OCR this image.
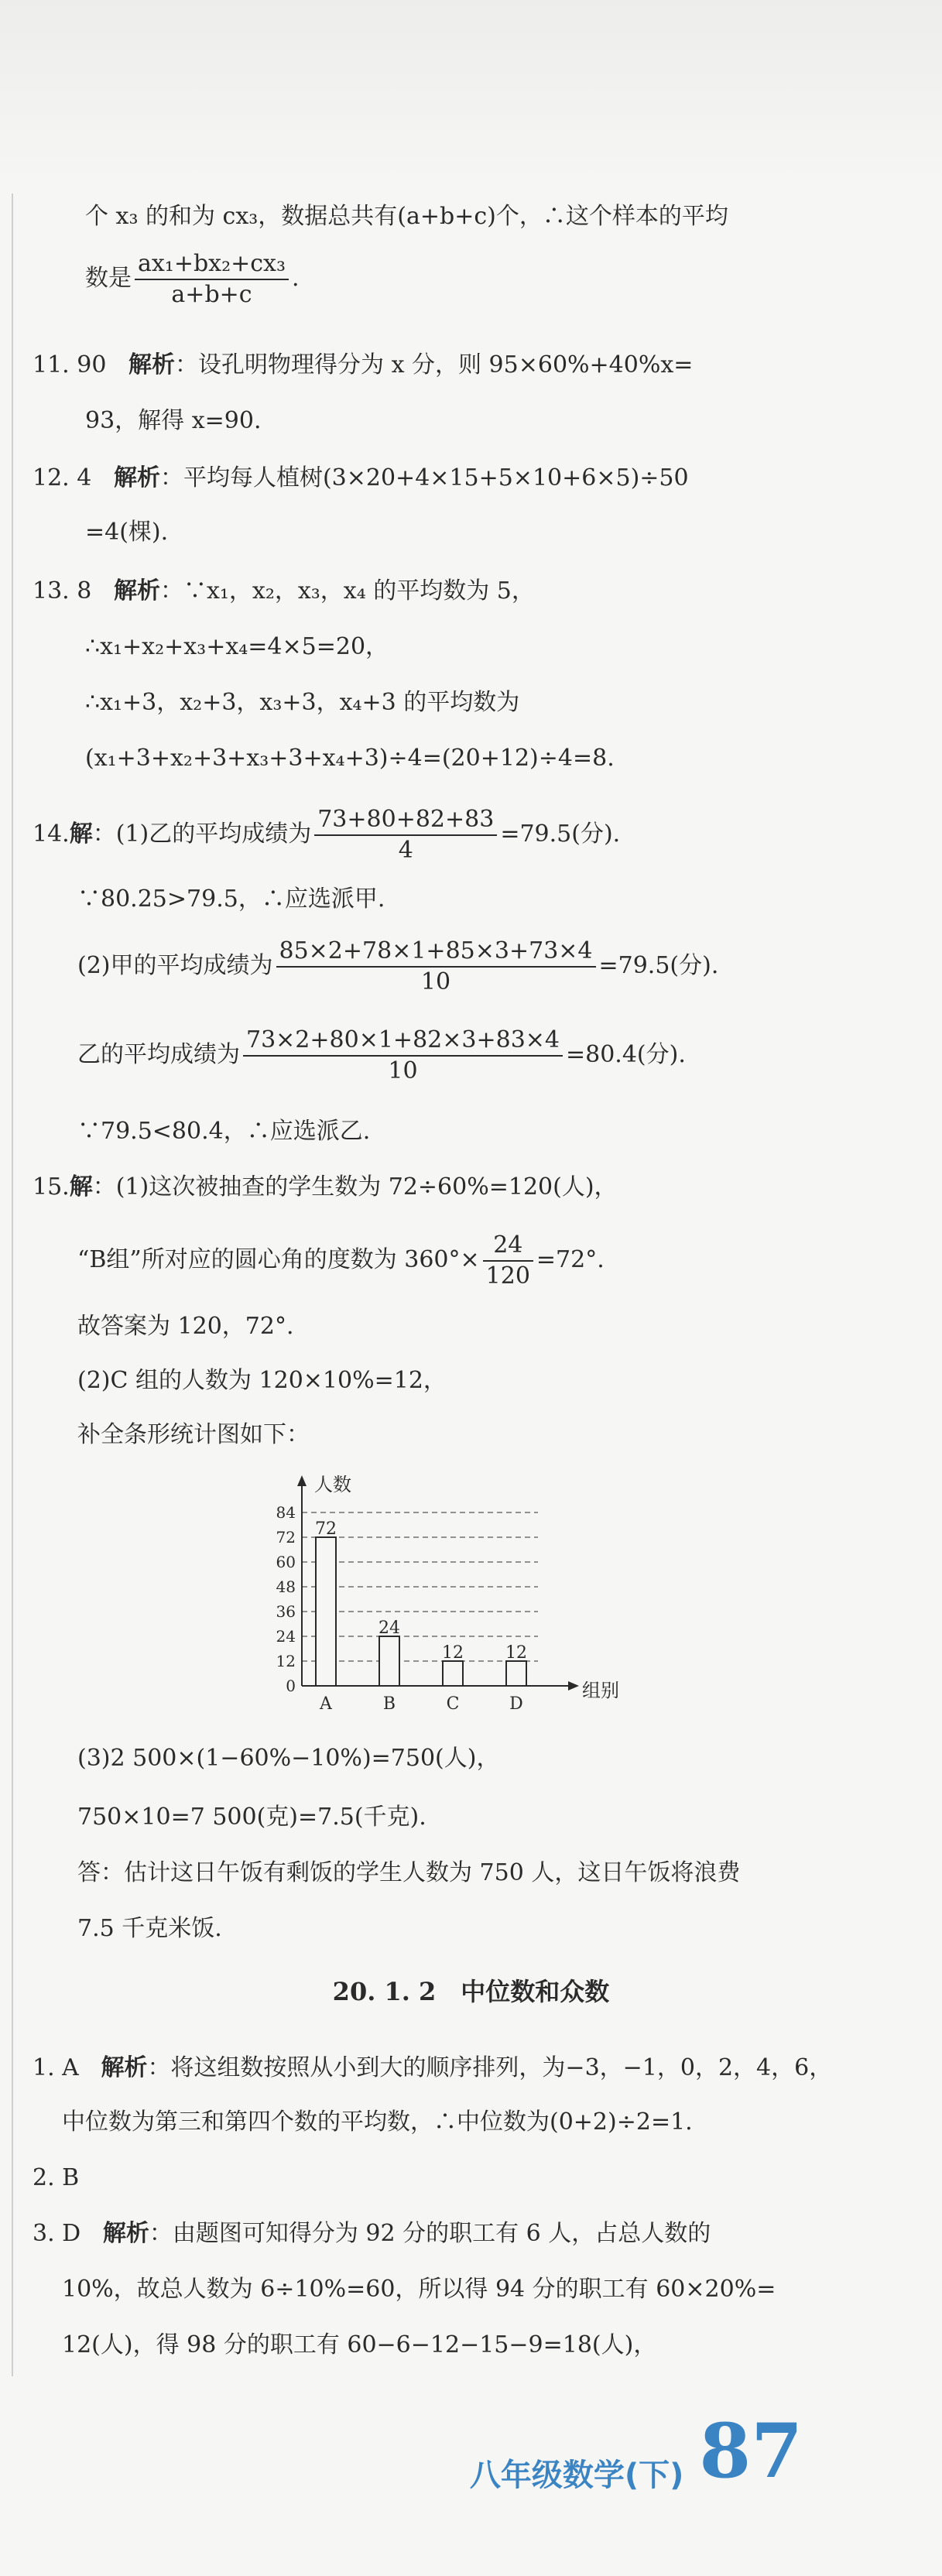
个 x₃ 的和为 cx₃，数据总共有(a+b+c)个，∴这个样本的平均
数是 $\frac{\text{ax₁+bx₂+cx₃}}{a+b+c}$ .
11. 90 解析：设孔明物理得分为 x 分，则 95×60%+40%x=
93，解得 x=90.
12. 4 解析：平均每人植树(3×20+4×15+5×10+6×5)÷50
=4(棵).
13. 8 解析：∵x₁，x₂，x₃，x₄ 的平均数为 5，
∴x₁+x₂+x₃+x₄=4×5=20，
∴x₁+3，x₂+3，x₃+3，x₄+3 的平均数为
(x₁+3+x₂+3+x₃+3+x₄+3)÷4=(20+12)÷4=8.
14.解：(1)乙的平均成绩为 $\frac{73+80+82+83}{4} =79.5$(分).
∵80.25>79.5，∴应选派甲.
(2)甲的平均成绩为 $\frac{85\times 2+78\times 1+85\times 3+73\times 4}{10} =79.5$(分).
乙的平均成绩为 $\frac{73\times 2+80\times 1+82\times 3+83\times 4}{10} =80.4$(分).
∵79.5<80.4，∴应选派乙.
15.解：(1)这次被抽查的学生数为 72÷60%=120(人)，
“B组”所对应的圆心角的度数为 $360^\circ\times \frac{24}{120} =72^\circ$.
故答案为 120，72°.
(2)C 组的人数为 120×10%=12，
补全条形统计图如下：
0
12
24
36
48
60
72
84
人数
组别
72
A
24
B
12
C
12
D
(3)2 500×(1−60%−10%)=750(人)，
750×10=7 500(克)=7.5(千克).
答：估计这日午饭有剩饭的学生人数为 750 人，这日午饭将浪费
7.5 千克米饭.
20. 1. 2　中位数和众数
1. A 解析：将这组数按照从小到大的顺序排列，为−3，−1，0，2，4，6，
中位数为第三和第四个数的平均数，∴中位数为(0+2)÷2=1.
2. B
3. D 解析：由题图可知得分为 92 分的职工有 6 人，占总人数的
10%，故总人数为 6÷10%=60，所以得 94 分的职工有 60×20%=
12(人)，得 98 分的职工有 60−6−12−15−9=18(人)，
八年级数学(下) 87
